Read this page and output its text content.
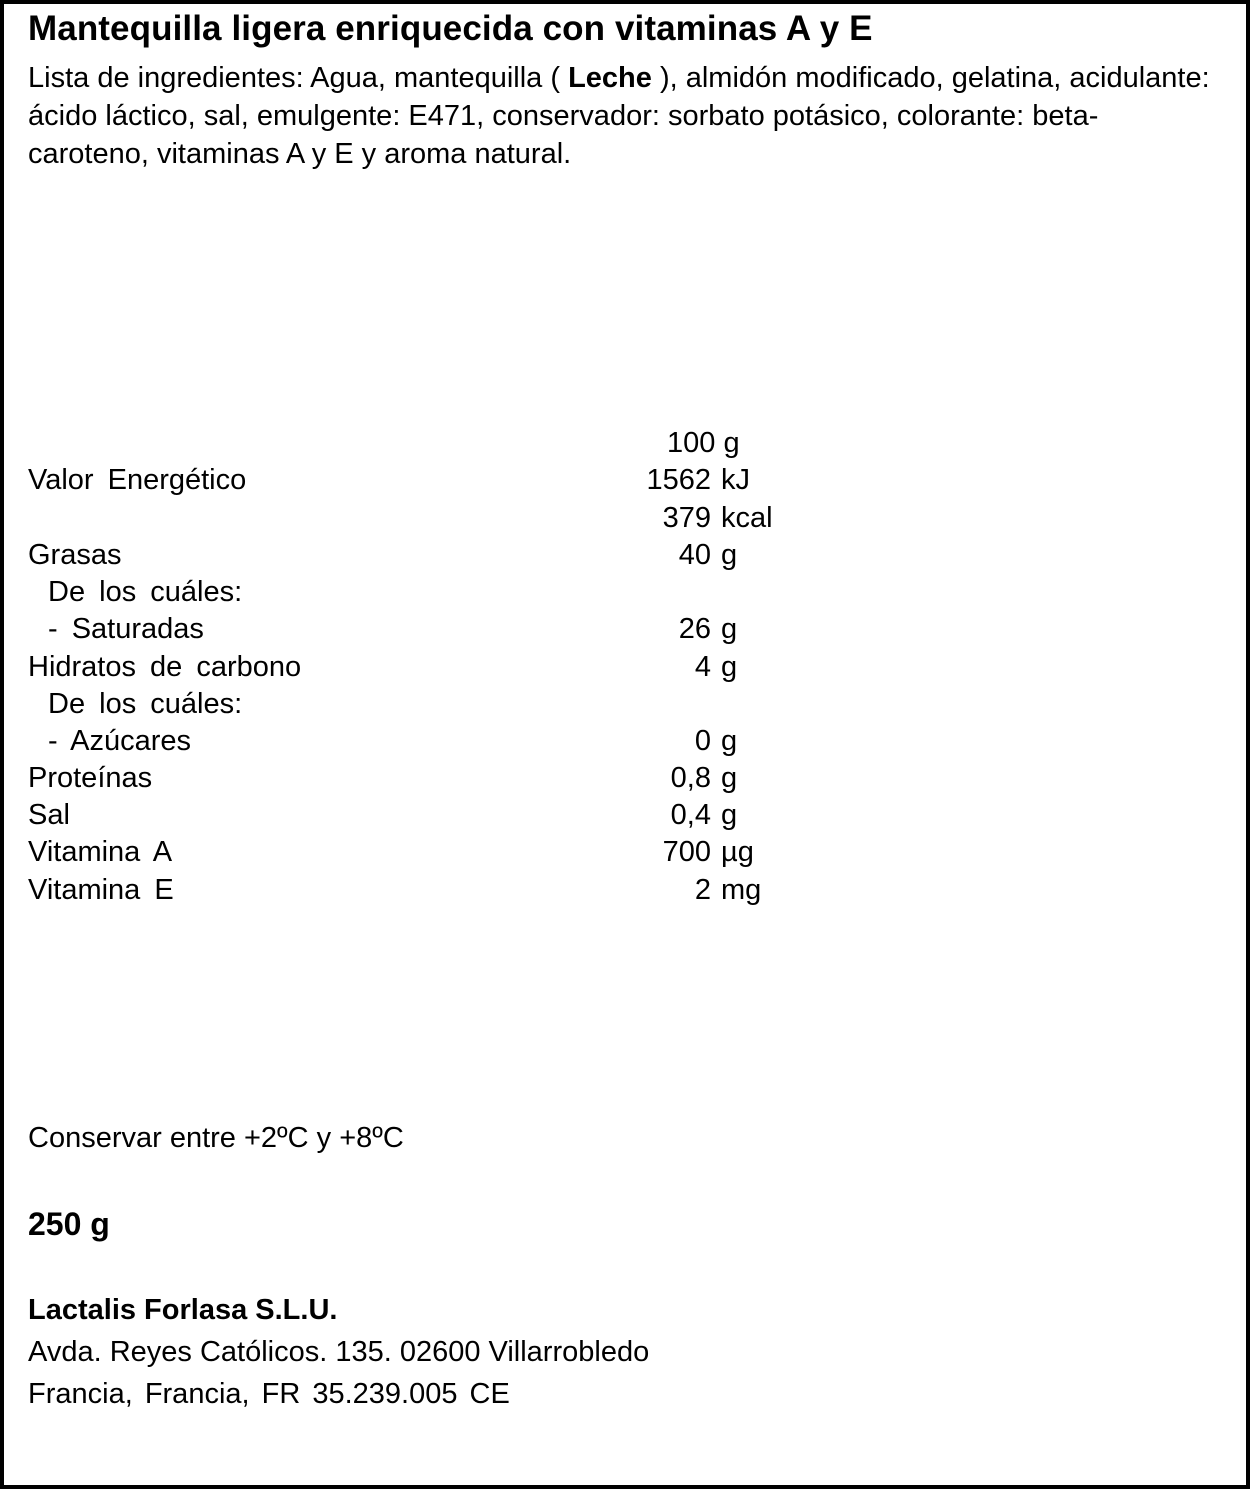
Mantequilla ligera enriquecida con vitaminas A y E
Lista de ingredientes: Agua, mantequilla ( Leche ), almidón modificado, gelatina, acidulante: ácido láctico, sal, emulgente: E471, conservador: sorbato potásico, colorante: beta-caroteno, vitaminas A y E y aroma natural.
100 g
Valor Energético	1562 kJ
379 kcal
Grasas	40 g
De los cuáles:
- Saturadas	26 g
Hidratos de carbono	4 g
De los cuáles:
- Azúcares	0 g
Proteínas	0,8 g
Sal	0,4 g
Vitamina A	700 µg
Vitamina E	2 mg
Conservar entre +2ºC y +8ºC
250 g
Lactalis Forlasa S.L.U.
Avda. Reyes Católicos. 135. 02600 Villarrobledo
Francia, Francia, FR 35.239.005 CE
